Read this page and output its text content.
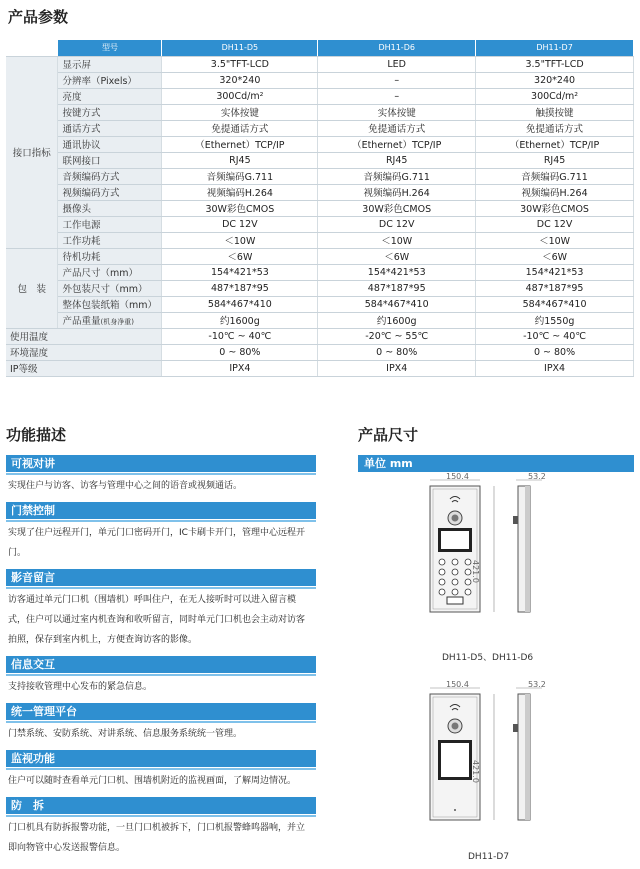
产品参数
	型号	DH11-D5	DH11-D6	DH11-D7
接口指标	显示屏	3.5"TFT-LCD	LED	3.5"TFT-LCD
	分辨率（Pixels）	320*240	–	320*240
	亮度	300Cd/m²	–	300Cd/m²
	按键方式	实体按键	实体按键	触摸按键
	通话方式	免提通话方式	免提通话方式	免提通话方式
	通讯协议	（Ethernet）TCP/IP	（Ethernet）TCP/IP	（Ethernet）TCP/IP
	联网接口	RJ45	RJ45	RJ45
	音频编码方式	音频编码G.711	音频编码G.711	音频编码G.711
	视频编码方式	视频编码H.264	视频编码H.264	视频编码H.264
	摄像头	30W彩色CMOS	30W彩色CMOS	30W彩色CMOS
	工作电源	DC 12V	DC 12V	DC 12V
	工作功耗	＜10W	＜10W	＜10W
包　装	待机功耗	＜6W	＜6W	＜6W
	产品尺寸（mm）	154*421*53	154*421*53	154*421*53
	外包装尺寸（mm）	487*187*95	487*187*95	487*187*95
	整体包装纸箱（mm）	584*467*410	584*467*410	584*467*410
	产品重量(机身净重)	约1600g	约1600g	约1550g
使用温度		-10℃ ~ 40℃	-20℃ ~ 55℃	-10℃ ~ 40℃
环境湿度		0 ~ 80%	0 ~ 80%	0 ~ 80%
IP等级		IPX4	IPX4	IPX4
功能描述
可视对讲
实现住户与访客、访客与管理中心之间的语音或视频通话。
门禁控制
实现了住户远程开门，单元门口密码开门，IC卡刷卡开门，管理中心远程开门。
影音留言
访客通过单元门口机（围墙机）呼叫住户，在无人接听时可以进入留言模式，住户可以通过室内机查询和收听留言，同时单元门口机也会主动对访客拍照，保存到室内机上，方便查询访客的影像。
信息交互
支持接收管理中心发布的紧急信息。
统一管理平台
门禁系统、安防系统、对讲系统、信息服务系统统一管理。
监视功能
住户可以随时查看单元门口机、围墙机附近的监视画面，了解周边情况。
防　拆
门口机具有防拆报警功能，一旦门口机被拆下，门口机报警蜂鸣器响，并立即向物管中心发送报警信息。
产品尺寸
单位 mm
150.4	53.2
421.0
DH11-D5、DH11-D6
150.4	53.2
421.0
DH11-D7
